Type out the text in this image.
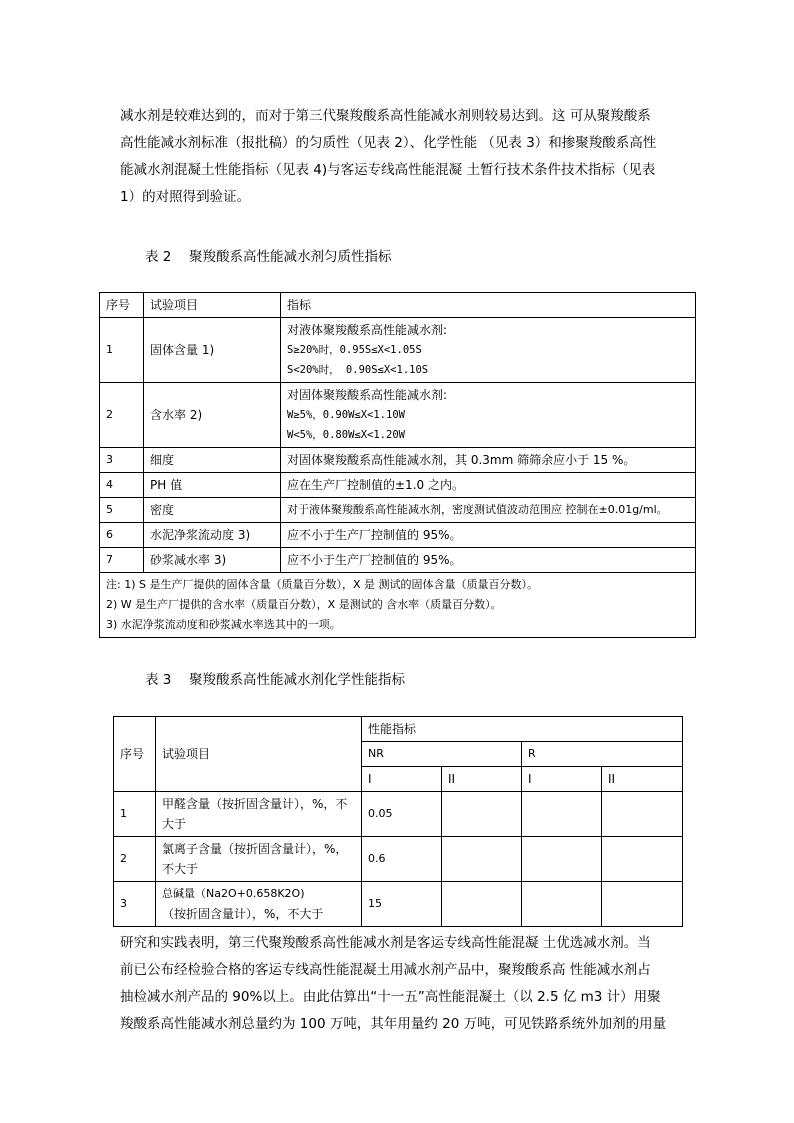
减水剂是较难达到的，而对于第三代聚羧酸系高性能减水剂则较易达到。这 可从聚羧酸系

高性能减水剂标准（报批稿）的匀质性（见表 2）、化学性能 （见表 3）和掺聚羧酸系高性

能减水剂混凝土性能指标（见表 4)与客运专线高性能混凝 土暂行技术条件技术指标（见表

1）的对照得到验证。

表 2 聚羧酸系高性能减水剂匀质性指标
序号	试验项目	指标
1	固体含量 1)	对液体聚羧酸系高性能减水剂:
S≥20%时，0.95S≤X<1.05S
S<20%时， 0.90S≤X<1.10S

2	含水率 2)	对固体聚羧酸系高性能减水剂:
W≥5%，0.90W≤X<1.10W
W<5%，0.80W≤X<1.20W

3	细度	对固体聚羧酸系高性能减水剂，其 0.3mm 筛筛余应小于 15 %。
4	PH 值	应在生产厂控制值的±1.0 之内。
5	密度	对于液体聚羧酸系高性能减水剂，密度测试值波动范围应 控制在±0.01g/ml。
6	水泥净浆流动度 3)	应不小于生产厂控制值的 95%。
7	砂浆减水率 3)	应不小于生产厂控制值的 95%。

注: 1) S 是生产厂提供的固体含量（质量百分数），X 是 测试的固体含量（质量百分数）。
2) W 是生产厂提供的含水率（质量百分数），X 是测试的 含水率（质量百分数）。
3) 水泥净浆流动度和砂浆减水率选其中的一项。		
表 3 聚羧酸系高性能减水剂化学性能指标
序号	试验项目	性能指标			
		NR		R	
		I	II	I	II
1	甲醛含量（按折固含量计），%，不
大于	0.05			
2	氯离子含量（按折固含量计），%，
不大于	0.6			
3	总碱量（Na2O+0.658K2O)
（按折固含量计），%，不大于	15			

研究和实践表明，第三代聚羧酸系高性能减水剂是客运专线高性能混凝 土优选减水剂。当

前已公布经检验合格的客运专线高性能混凝土用减水剂产品中，聚羧酸系高 性能减水剂占

抽检减水剂产品的 90%以上。由此估算出“十一五”高性能混凝土（以 2.5 亿 m3 计）用聚

羧酸系高性能减水剂总量约为 100 万吨，其年用量约 20 万吨，可见铁路系统外加剂的用量
